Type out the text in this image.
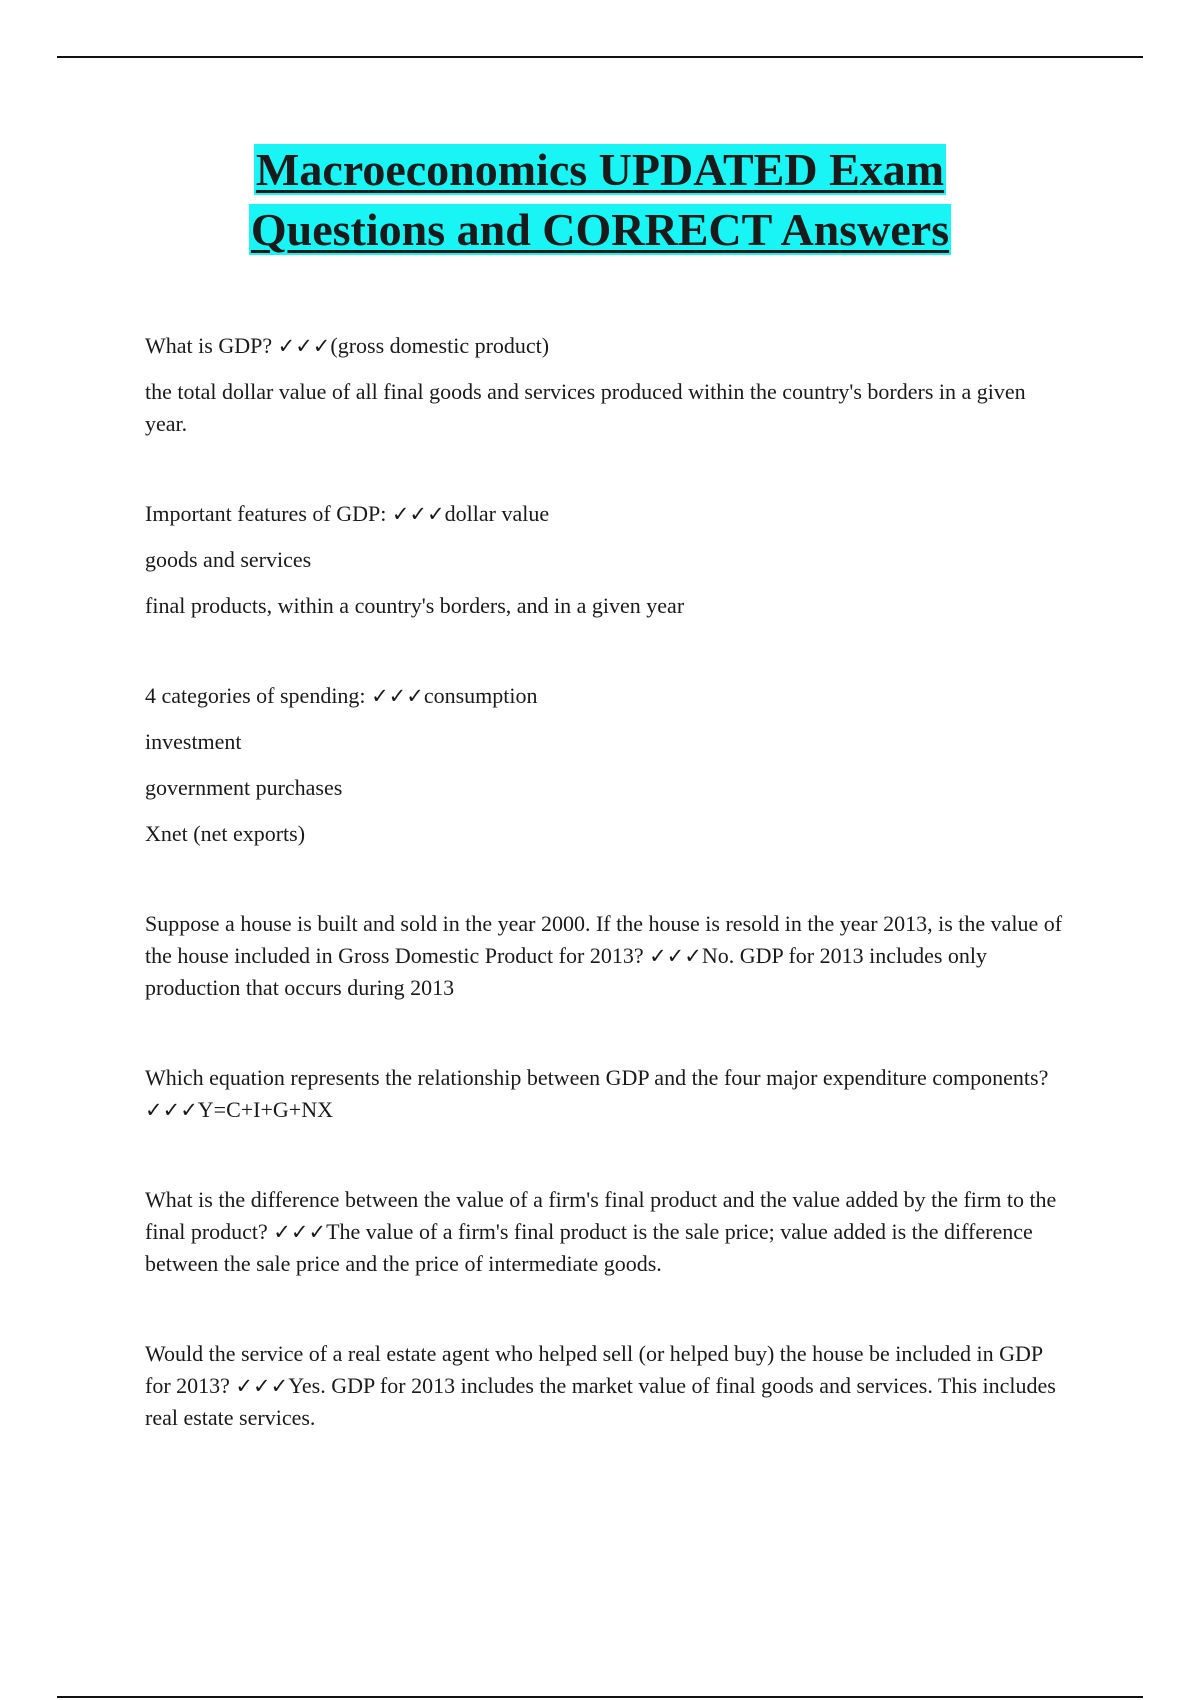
Macroeconomics UPDATED Exam
Questions and CORRECT Answers

What is GDP? ✓✓✓(gross domestic product)

the total dollar value of all final goods and services produced within the country's borders in a given year.

Important features of GDP: ✓✓✓dollar value

goods and services

final products, within a country's borders, and in a given year

4 categories of spending: ✓✓✓consumption

investment

government purchases

Xnet (net exports)

Suppose a house is built and sold in the year 2000. If the house is resold in the year 2013, is the value of the house included in Gross Domestic Product for 2013? ✓✓✓No. GDP for 2013 includes only production that occurs during 2013

Which equation represents the relationship between GDP and the four major expenditure components? ✓✓✓Y=C+I+G+NX

What is the difference between the value of a firm's final product and the value added by the firm to the final product? ✓✓✓The value of a firm's final product is the sale price; value added is the difference between the sale price and the price of intermediate goods.

Would the service of a real estate agent who helped sell (or helped buy) the house be included in GDP for 2013? ✓✓✓Yes. GDP for 2013 includes the market value of final goods and services. This includes real estate services.
